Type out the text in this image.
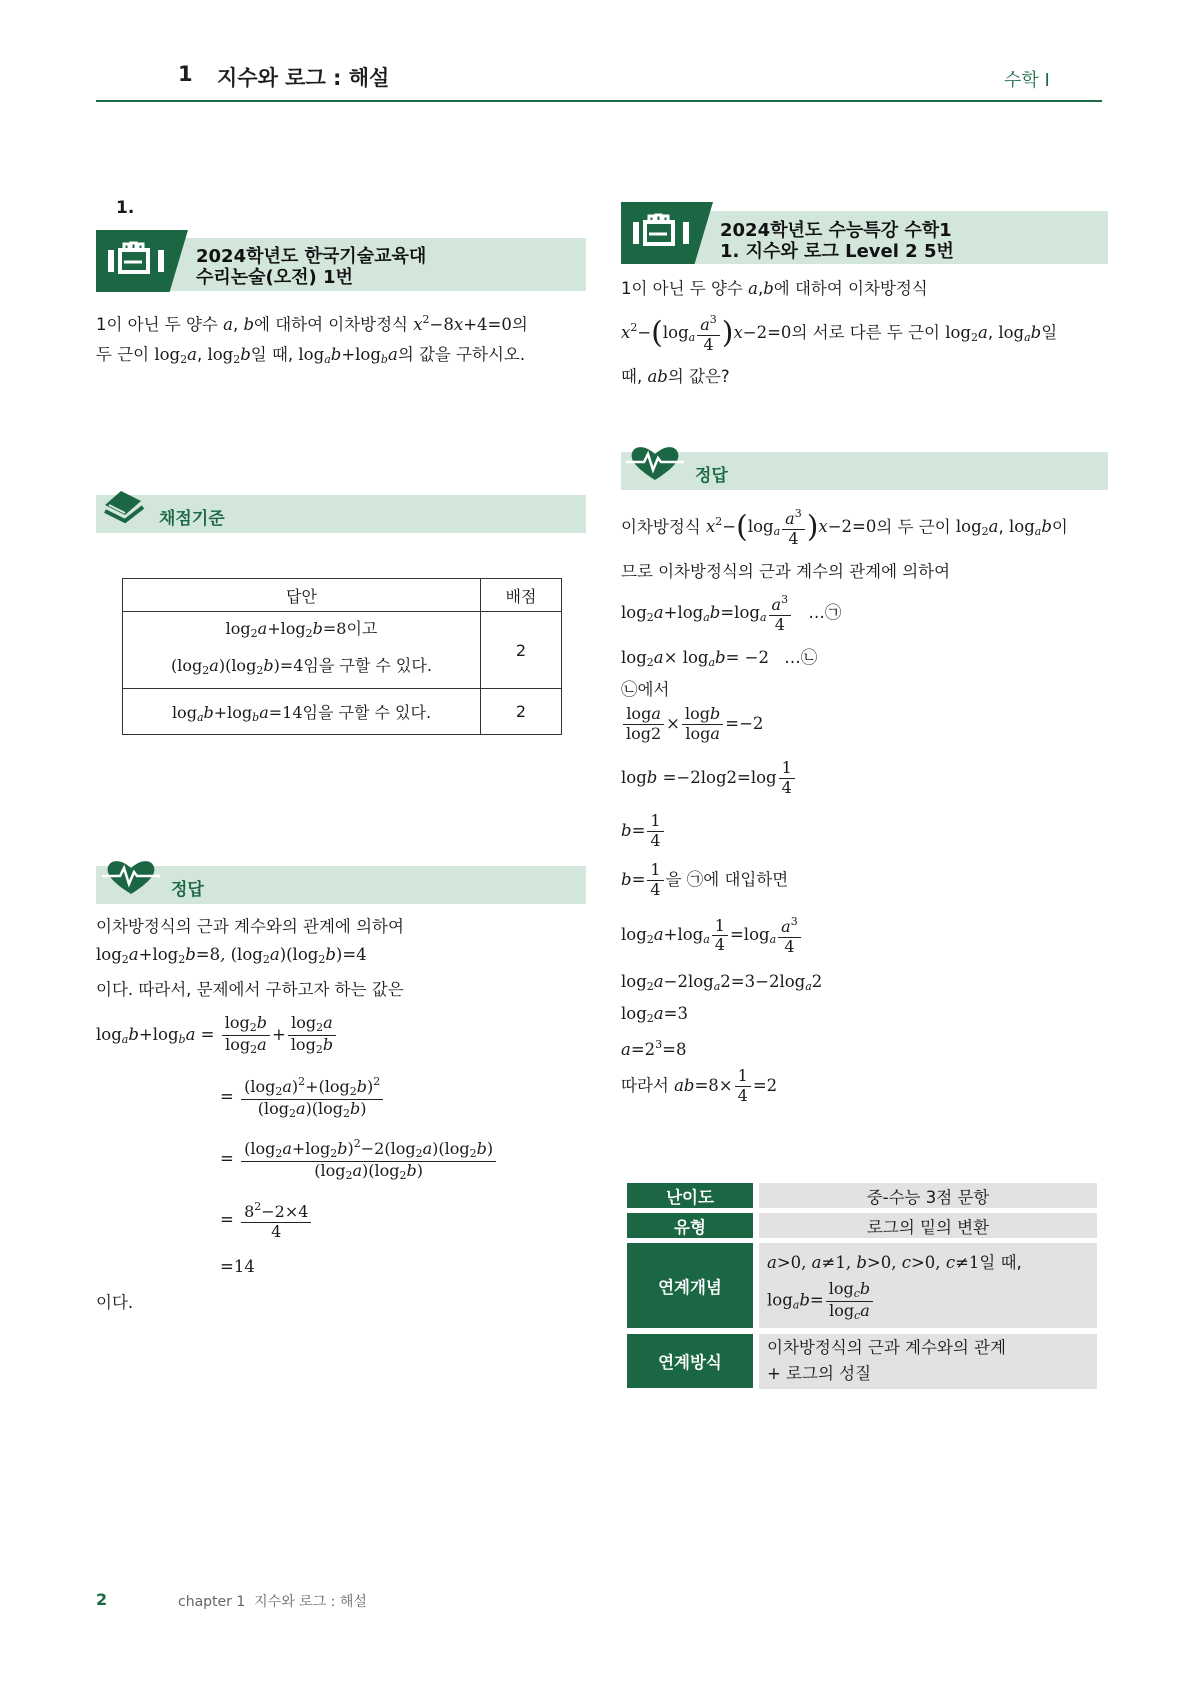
1 지수와 로그 : 해설	수학 I
1.
2024학년도 한국기술교육대
수리논술(오전) 1번
1이 아닌 두 양수 a, b에 대하여 이차방정식 $x^2-8x+4=0$의
두 근이 $\log_2a$, $\log_2b$일 때, $\log_ab+\log_ba$의 값을 구하시오.
채점기준
답안	배점

$\log_2a+\log_2b=8$이고
$(\log_2a)(\log_2b)=4$임을 구할 수 있다.	2
$\log_ab+\log_ba=14$임을 구할 수 있다.	2
정답
이차방정식의 근과 계수와의 관계에 의하여
$\log_2a+\log_2b=8$, $(\log_2a)(\log_2b)=4$
이다. 따라서, 문제에서 구하고자 하는 값은
$\log_ab+\log_ba = \frac{\log_2b}{\log_2a} + \frac{\log_2a}{\log_2b}$
= $\frac{(\log_2a)^2+(\log_2b)^2}{(\log_2a)(\log_2b)}$
= $\frac{(\log_2a+\log_2b)^2-2(\log_2a)(\log_2b)}{(\log_2a)(\log_2b)}$
= $\frac{8^2-2\times 4}{4}$
=14
이다.
2024학년도 수능특강 수학1
1. 지수와 로그 Level 2 5번
1이 아닌 두 양수 a,b에 대하여 이차방정식
$x^2-(\log_a \frac{a^3}{4} )x-2=0$의 서로 다른 두 근이 $\log_2a$, $\log_ab$일
때, ab의 값은?
정답
이차방정식 $x^2-(\log_a \frac{a^3}{4} )x-2=0$의 두 근이 $\log_2a$, $\log_ab$이
므로 이차방정식의 근과 계수의 관계에 의하여
$\log_2a+\log_ab=\log_a \frac{a^3}{4}$ …㉠
$\log_2a\times \log_ab= -2$ …㉡
㉡에서
$\frac{\log a}{\log 2} \times \frac{\log b}{\log a} =-2$
$\log b =-2\log 2=\log \frac{1}{4}$
$b= \frac{1}{4}$
$b= \frac{1}{4}$ 을 ㉠에 대입하면
$\log_2a+\log_a \frac{1}{4} =\log_a \frac{a^3}{4}$
$\log_2a-2\log_a2=3-2\log_a2$
$\log_2a=3$
$a=2^3=8$
따라서 $ab=8\times \frac{1}{4} =2$
난이도	중-수능 3점 문항
유형	로그의 밑의 변환
연계개념
a>0, a≠1, b>0, c>0, c≠1일 때,
$\log_ab= \frac{\log_cb}{\log_ca}$
연계방식
이차방정식의 근과 계수와의 관계
+ 로그의 성질
2	chapter 1  지수와 로그 : 해설
